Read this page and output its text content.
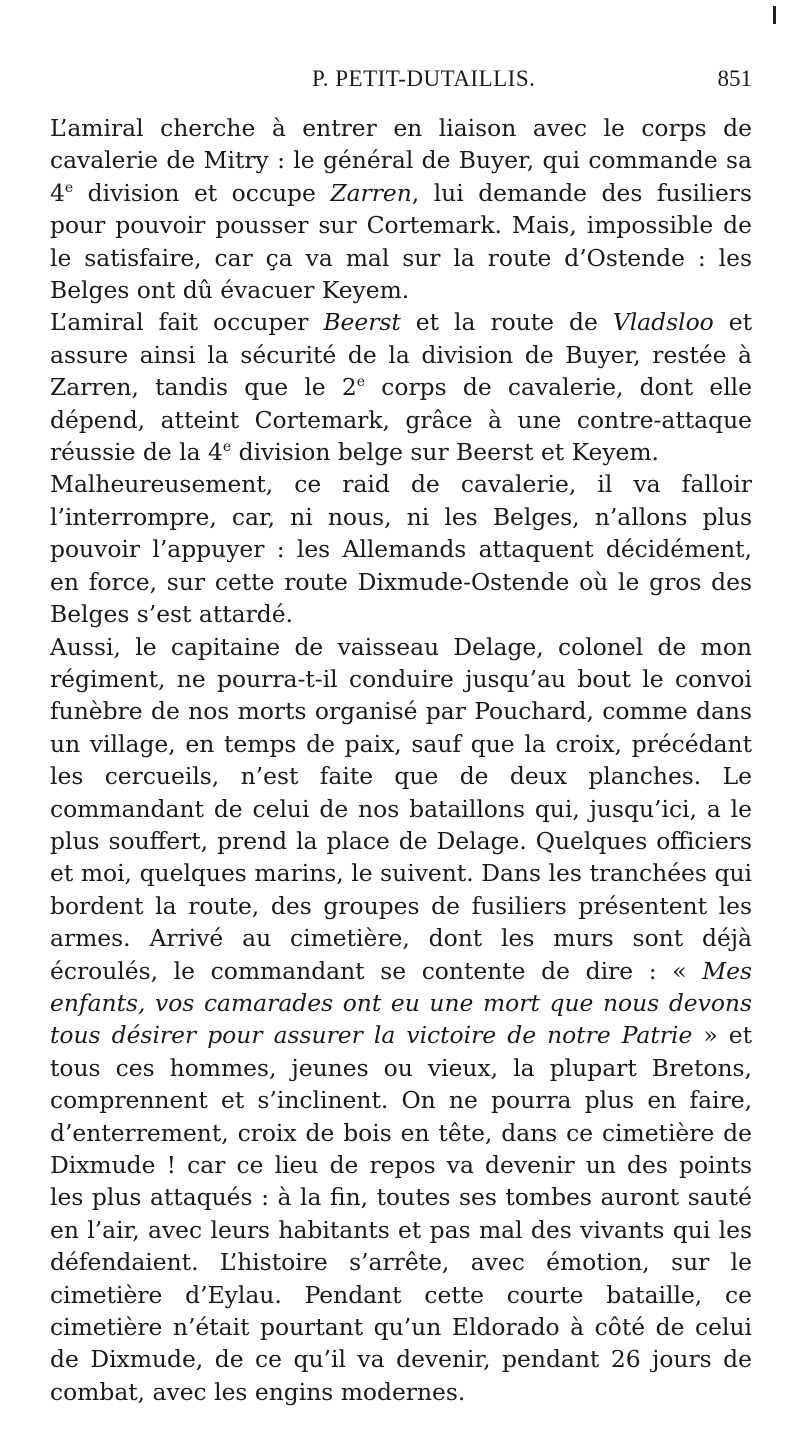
P. PETIT-DUTAILLIS.	851

L’amiral cherche à entrer en liaison avec le corps de cavalerie de Mitry : le général de Buyer, qui commande sa 4e division et occupe Zarren, lui demande des fusiliers pour pouvoir pousser sur Cortemark. Mais, impossible de le satisfaire, car ça va mal sur la route d’Ostende : les Belges ont dû évacuer Keyem.

L’amiral fait occuper Beerst et la route de Vladsloo et assure ainsi la sécurité de la division de Buyer, restée à Zarren, tandis que le 2e corps de cavalerie, dont elle dépend, atteint Cortemark, grâce à une contre-attaque réussie de la 4e division belge sur Beerst et Keyem.

Malheureusement, ce raid de cavalerie, il va falloir l’interrompre, car, ni nous, ni les Belges, n’allons plus pouvoir l’appuyer : les Allemands attaquent décidément, en force, sur cette route Dixmude-Ostende où le gros des Belges s’est attardé.

Aussi, le capitaine de vaisseau Delage, colonel de mon régiment, ne pourra-t-il conduire jusqu’au bout le convoi funèbre de nos morts organisé par Pouchard, comme dans un village, en temps de paix, sauf que la croix, précédant les cercueils, n’est faite que de deux planches. Le commandant de celui de nos bataillons qui, jusqu’ici, a le plus souffert, prend la place de Delage. Quelques officiers et moi, quelques marins, le suivent. Dans les tranchées qui bordent la route, des groupes de fusiliers présentent les armes. Arrivé au cimetière, dont les murs sont déjà écroulés, le commandant se contente de dire : « Mes enfants, vos camarades ont eu une mort que nous devons tous désirer pour assurer la victoire de notre Patrie » et tous ces hommes, jeunes ou vieux, la plupart Bretons, comprennent et s’inclinent. On ne pourra plus en faire, d’enterrement, croix de bois en tête, dans ce cimetière de Dixmude ! car ce lieu de repos va devenir un des points les plus attaqués : à la fin, toutes ses tombes auront sauté en l’air, avec leurs habitants et pas mal des vivants qui les défendaient. L’histoire s’arrête, avec émotion, sur le cimetière d’Eylau. Pendant cette courte bataille, ce cimetière n’était pourtant qu’un Eldorado à côté de celui de Dixmude, de ce qu’il va devenir, pendant 26 jours de combat, avec les engins modernes.
